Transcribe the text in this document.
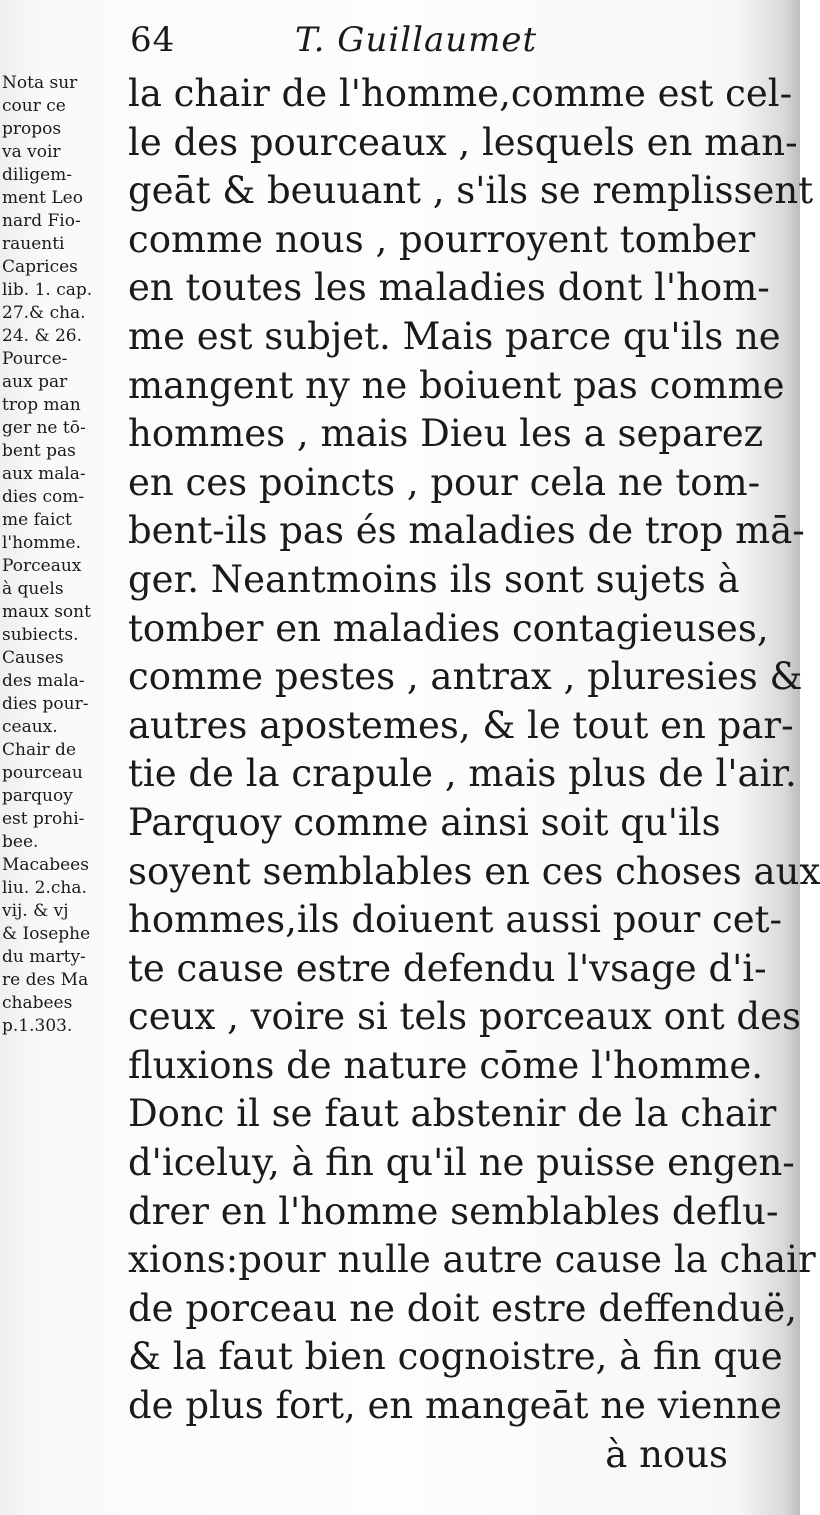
64	T. Guillaumet
Nota sur
cour ce
propos
va voir
diligem-
ment Leo
nard Fio-
rauenti
Caprices
lib. 1. cap.
27.& cha.
24. & 26.
Pource-
aux par
trop man
ger ne tō-
bent pas
aux mala-
dies com-
me faict
l'homme.
Porceaux
à quels
maux sont
subiects.
Causes
des mala-
dies pour-
ceaux.
Chair de
pourceau
parquoy
est prohi-
bee.
Macabees
liu. 2.cha.
vij. & vj
& Iosephe
du marty-
re des Ma
chabees
p.1.303.
la chair de l'homme,comme est cel-
le des pourceaux , lesquels en man-
geāt & beuuant , s'ils se remplissent
comme nous , pourroyent tomber
en toutes les maladies dont l'hom-
me est subjet. Mais parce qu'ils ne
mangent ny ne boiuent pas comme
hommes , mais Dieu les a separez
en ces poincts , pour cela ne tom-
bent-ils pas és maladies de trop mā-
ger. Neantmoins ils sont sujets à
tomber en maladies contagieuses,
comme pestes , antrax , pluresies &
autres apostemes, & le tout en par-
tie de la crapule , mais plus de l'air.
Parquoy comme ainsi soit qu'ils
soyent semblables en ces choses aux
hommes,ils doiuent aussi pour cet-
te cause estre defendu l'vsage d'i-
ceux , voire si tels porceaux ont des
fluxions de nature cōme l'homme.
Donc il se faut abstenir de la chair
d'iceluy, à fin qu'il ne puisse engen-
drer en l'homme semblables deflu-
xions:pour nulle autre cause la chair
de porceau ne doit estre deffenduë,
& la faut bien cognoistre, à fin que
de plus fort, en mangeāt ne vienne
à nous
